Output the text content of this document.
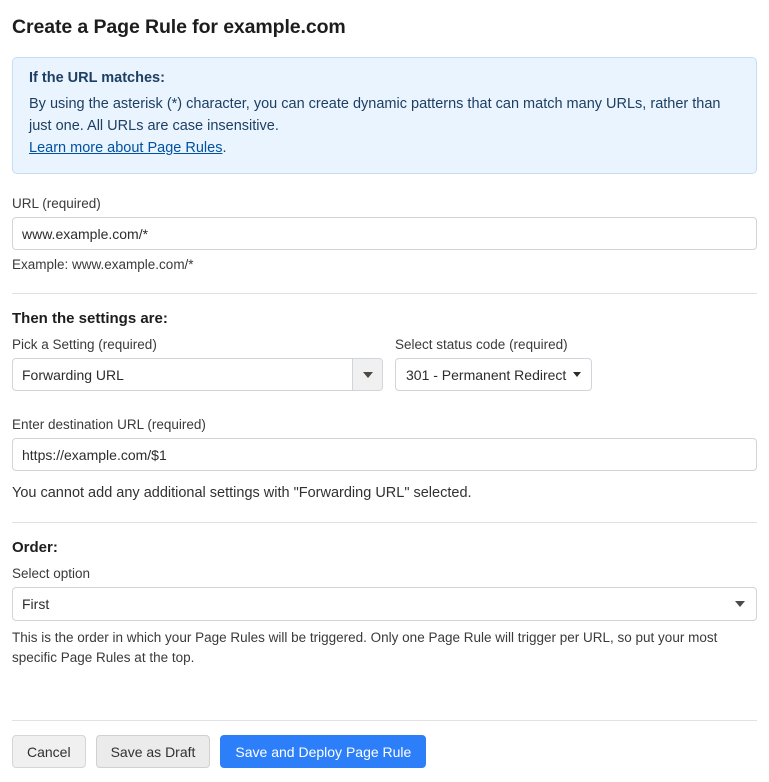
Create a Page Rule for example.com
If the URL matches:
By using the asterisk (*) character, you can create dynamic patterns that can match many URLs, rather than just one. All URLs are case insensitive.
Learn more about Page Rules.
URL (required)
www.example.com/*
Example: www.example.com/*
Then the settings are:
Pick a Setting (required)
Forwarding URL
Select status code (required)
301 - Permanent Redirect
Enter destination URL (required)
https://example.com/$1
You cannot add any additional settings with "Forwarding URL" selected.
Order:
Select option
First
This is the order in which your Page Rules will be triggered. Only one Page Rule will trigger per URL, so put your most specific Page Rules at the top.
Cancel	Save as Draft	Save and Deploy Page Rule
